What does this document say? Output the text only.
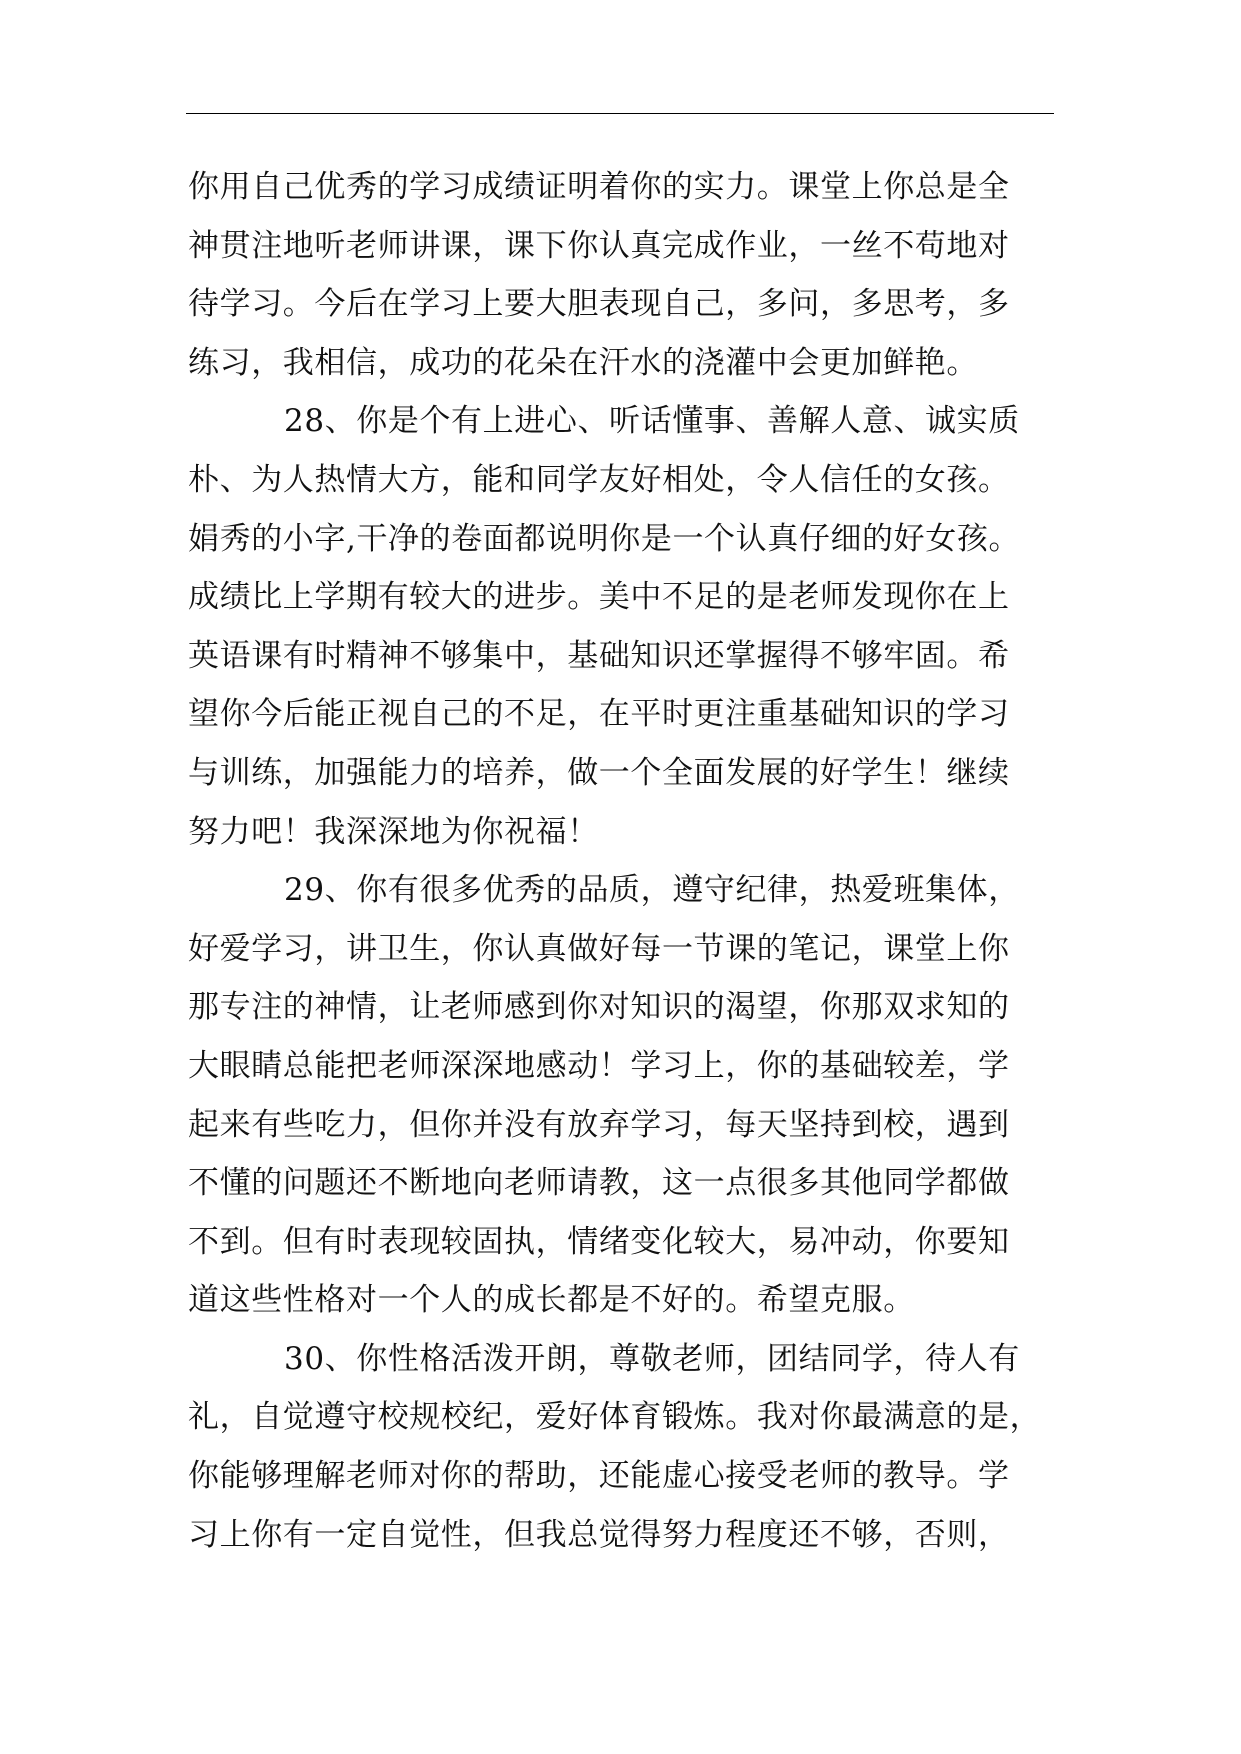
你用自己优秀的学习成绩证明着你的实力。课堂上你总是全
神贯注地听老师讲课，课下你认真完成作业，一丝不苟地对
待学习。今后在学习上要大胆表现自己，多问，多思考，多
练习，我相信，成功的花朵在汗水的浇灌中会更加鲜艳。
28、你是个有上进心、听话懂事、善解人意、诚实质
朴、为人热情大方，能和同学友好相处，令人信任的女孩。
娟秀的小字,干净的卷面都说明你是一个认真仔细的好女孩。
成绩比上学期有较大的进步。美中不足的是老师发现你在上
英语课有时精神不够集中，基础知识还掌握得不够牢固。希
望你今后能正视自己的不足，在平时更注重基础知识的学习
与训练，加强能力的培养，做一个全面发展的好学生！继续
努力吧！我深深地为你祝福！
29、你有很多优秀的品质，遵守纪律，热爱班集体，
好爱学习，讲卫生，你认真做好每一节课的笔记，课堂上你
那专注的神情，让老师感到你对知识的渴望，你那双求知的
大眼睛总能把老师深深地感动！学习上，你的基础较差，学
起来有些吃力，但你并没有放弃学习，每天坚持到校，遇到
不懂的问题还不断地向老师请教，这一点很多其他同学都做
不到。但有时表现较固执，情绪变化较大，易冲动，你要知
道这些性格对一个人的成长都是不好的。希望克服。
30、你性格活泼开朗，尊敬老师，团结同学，待人有
礼，自觉遵守校规校纪，爱好体育锻炼。我对你最满意的是，
你能够理解老师对你的帮助，还能虚心接受老师的教导。学
习上你有一定自觉性，但我总觉得努力程度还不够，否则，
